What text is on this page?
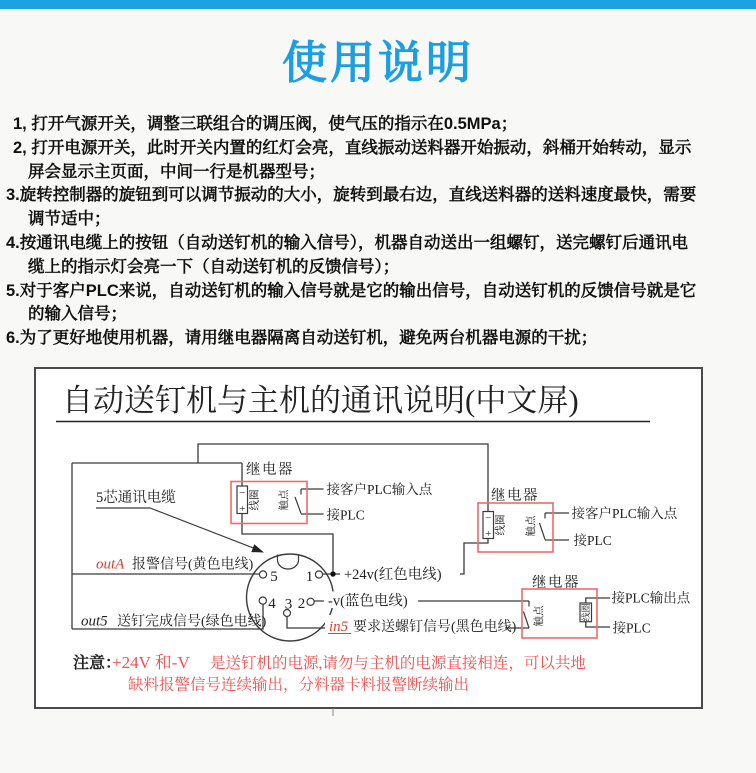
使用说明
1, 打开气源开关，调整三联组合的调压阀，使气压的指示在0.5MPa；
2, 打开电源开关，此时开关内置的红灯会亮，直线振动送料器开始振动，斜桶开始转动，显示
屏会显示主页面，中间一行是机器型号；
3.旋转控制器的旋钮到可以调节振动的大小，旋转到最右边，直线送料器的送料速度最快，需要
调节适中；
4.按通讯电缆上的按钮（自动送钉机的输入信号），机器自动送出一组螺钉，送完螺钉后通讯电
缆上的指示灯会亮一下（自动送钉机的反馈信号）；
5.对于客户PLC来说，自动送钉机的输入信号就是它的输出信号，自动送钉机的反馈信号就是它
的输入信号；
6.为了更好地使用机器，请用继电器隔离自动送钉机，避免两台机器电源的干扰；
自动送钉机与主机的通讯说明(中文屏)
5 1
4 3 2
5芯通讯电缆
outA 报警信号(黄色电线)
out5 送钉完成信号(绿色电线)
+24v(红色电线)
-v(蓝色电线)
in5 要求送螺钉信号(黑色电线)
继电器
−
+ 线圈 触点	接客户PLC输入点
接PLC
继电器
−
+ 线圈 触点
接客户PLC输入点
接PLC
继电器
触点	线圈
接PLC输出点
接PLC
注意：
+24V 和-V 是送钉机的电源,请勿与主机的电源直接相连，可以共地
缺料报警信号连续输出，分料器卡料报警断续输出
